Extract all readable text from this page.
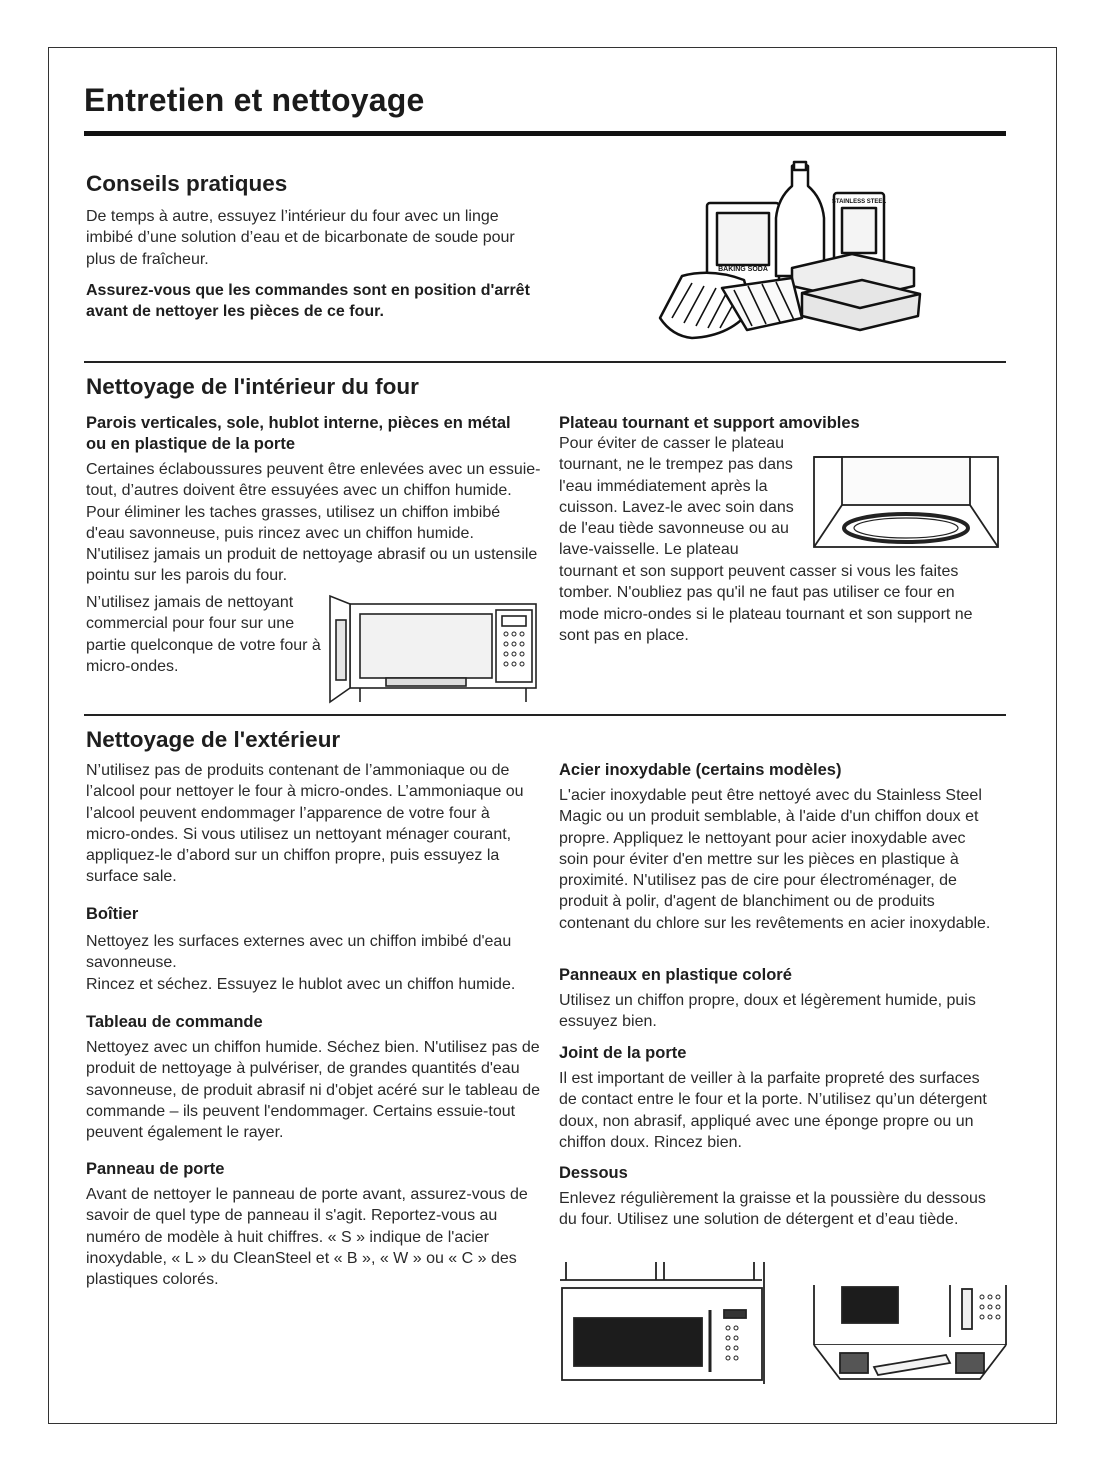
Entretien et nettoyage
Conseils pratiques

De temps à autre, essuyez l’intérieur du four avec un linge imbibé d’une solution d’eau et de bicarbonate de soude pour plus de fraîcheur.

Assurez-vous que les commandes sont en position d'arrêt avant de nettoyer les pièces de ce four.

BAKING SODA
STAINLESS STEEL
Nettoyage de l'intérieur du four
Parois verticales, sole, hublot interne, pièces en métal ou en plastique de la porte

Certaines éclaboussures peuvent être enlevées avec un essuie-tout, d’autres doivent être essuyées avec un chiffon humide. Pour éliminer les taches grasses, utilisez un chiffon imbibé d'eau savonneuse, puis rincez avec un chiffon humide. N'utilisez jamais un produit de nettoyage abrasif ou un ustensile pointu sur les parois du four.

N’utilisez jamais de nettoyant commercial pour four sur une partie quelconque de votre four à micro-ondes.

Plateau tournant et support amovibles

Pour éviter de casser le plateau tournant, ne le trempez pas dans l'eau immédiatement après la cuisson. Lavez-le avec soin dans de l'eau tiède savonneuse ou au lave-vaisselle. Le plateau

tournant et son support peuvent casser si vous les faites tomber. N'oubliez pas qu'il ne faut pas utiliser ce four en mode micro-ondes si le plateau tournant et son support ne sont pas en place.

Nettoyage de l'extérieur

N’utilisez pas de produits contenant de l’ammoniaque ou de l’alcool pour nettoyer le four à micro-ondes. L’ammoniaque ou l’alcool peuvent endommager l’apparence de votre four à micro-ondes. Si vous utilisez un nettoyant ménager courant, appliquez-le d’abord sur un chiffon propre, puis essuyez la surface sale.

Boîtier

Nettoyez les surfaces externes avec un chiffon imbibé d'eau savonneuse.

Rincez et séchez. Essuyez le hublot avec un chiffon humide.

Tableau de commande

Nettoyez avec un chiffon humide. Séchez bien. N'utilisez pas de produit de nettoyage à pulvériser, de grandes quantités d'eau savonneuse, de produit abrasif ni d'objet acéré sur le tableau de commande – ils peuvent l'endommager. Certains essuie-tout peuvent également le rayer.

Panneau de porte

Avant de nettoyer le panneau de porte avant, assurez-vous de savoir de quel type de panneau il s'agit. Reportez-vous au numéro de modèle à huit chiffres. « S » indique de l'acier inoxydable, « L » du CleanSteel et « B », « W » ou « C » des plastiques colorés.

Acier inoxydable (certains modèles)

L'acier inoxydable peut être nettoyé avec du Stainless Steel Magic ou un produit semblable, à l'aide d'un chiffon doux et propre. Appliquez le nettoyant pour acier inoxydable avec soin pour éviter d'en mettre sur les pièces en plastique à proximité. N'utilisez pas de cire pour électroménager, de produit à polir, d'agent de blanchiment ou de produits contenant du chlore sur les revêtements en acier inoxydable.

Panneaux en plastique coloré

Utilisez un chiffon propre, doux et légèrement humide, puis essuyez bien.

Joint de la porte

Il est important de veiller à la parfaite propreté des surfaces de contact entre le four et la porte. N’utilisez qu’un détergent doux, non abrasif, appliqué avec une éponge propre ou un chiffon doux. Rincez bien.

Dessous

Enlevez régulièrement la graisse et la poussière du dessous du four. Utilisez une solution de détergent et d’eau tiède.
